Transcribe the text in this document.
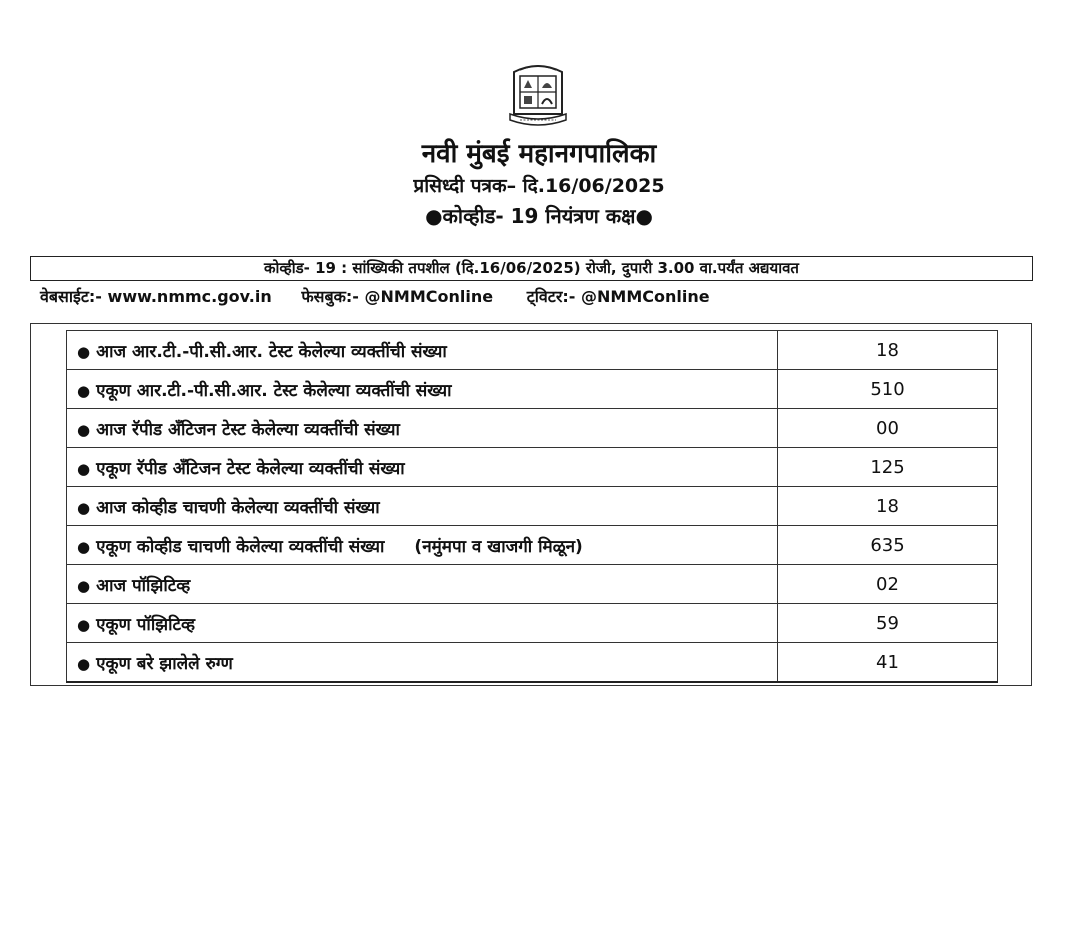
नवी मुंबई महानगपालिका
प्रसिध्दी पत्रक– दि.16/06/2025
●कोव्हीड- 19 नियंत्रण कक्ष●
कोव्हीड- 19 : सांख्यिकी तपशील (दि.16/06/2025) रोजी, दुपारी 3.00 वा.पर्यंत अद्ययावत
वेबसाईट:- www.nmmc.gov.in फेसबुक:- @NMMConline ट्विटर:- @NMMConline
● आज आर.टी.-पी.सी.आर. टेस्ट केलेल्या व्यक्तींची संख्या	18
● एकूण आर.टी.-पी.सी.आर. टेस्ट केलेल्या व्यक्तींची संख्या	510
● आज रॅपीड अँटिजन टेस्ट केलेल्या व्यक्तींची संख्या	00
● एकूण रॅपीड अँटिजन टेस्ट केलेल्या व्यक्तींची संख्या	125
● आज कोव्हीड चाचणी केलेल्या व्यक्तींची संख्या	18
● एकूण कोव्हीड चाचणी केलेल्या व्यक्तींची संख्या (नमुंमपा व खाजगी मिळून)	635
● आज पॉझिटिव्ह	02
● एकूण पॉझिटिव्ह	59
● एकूण बरे झालेले रुग्ण	41
